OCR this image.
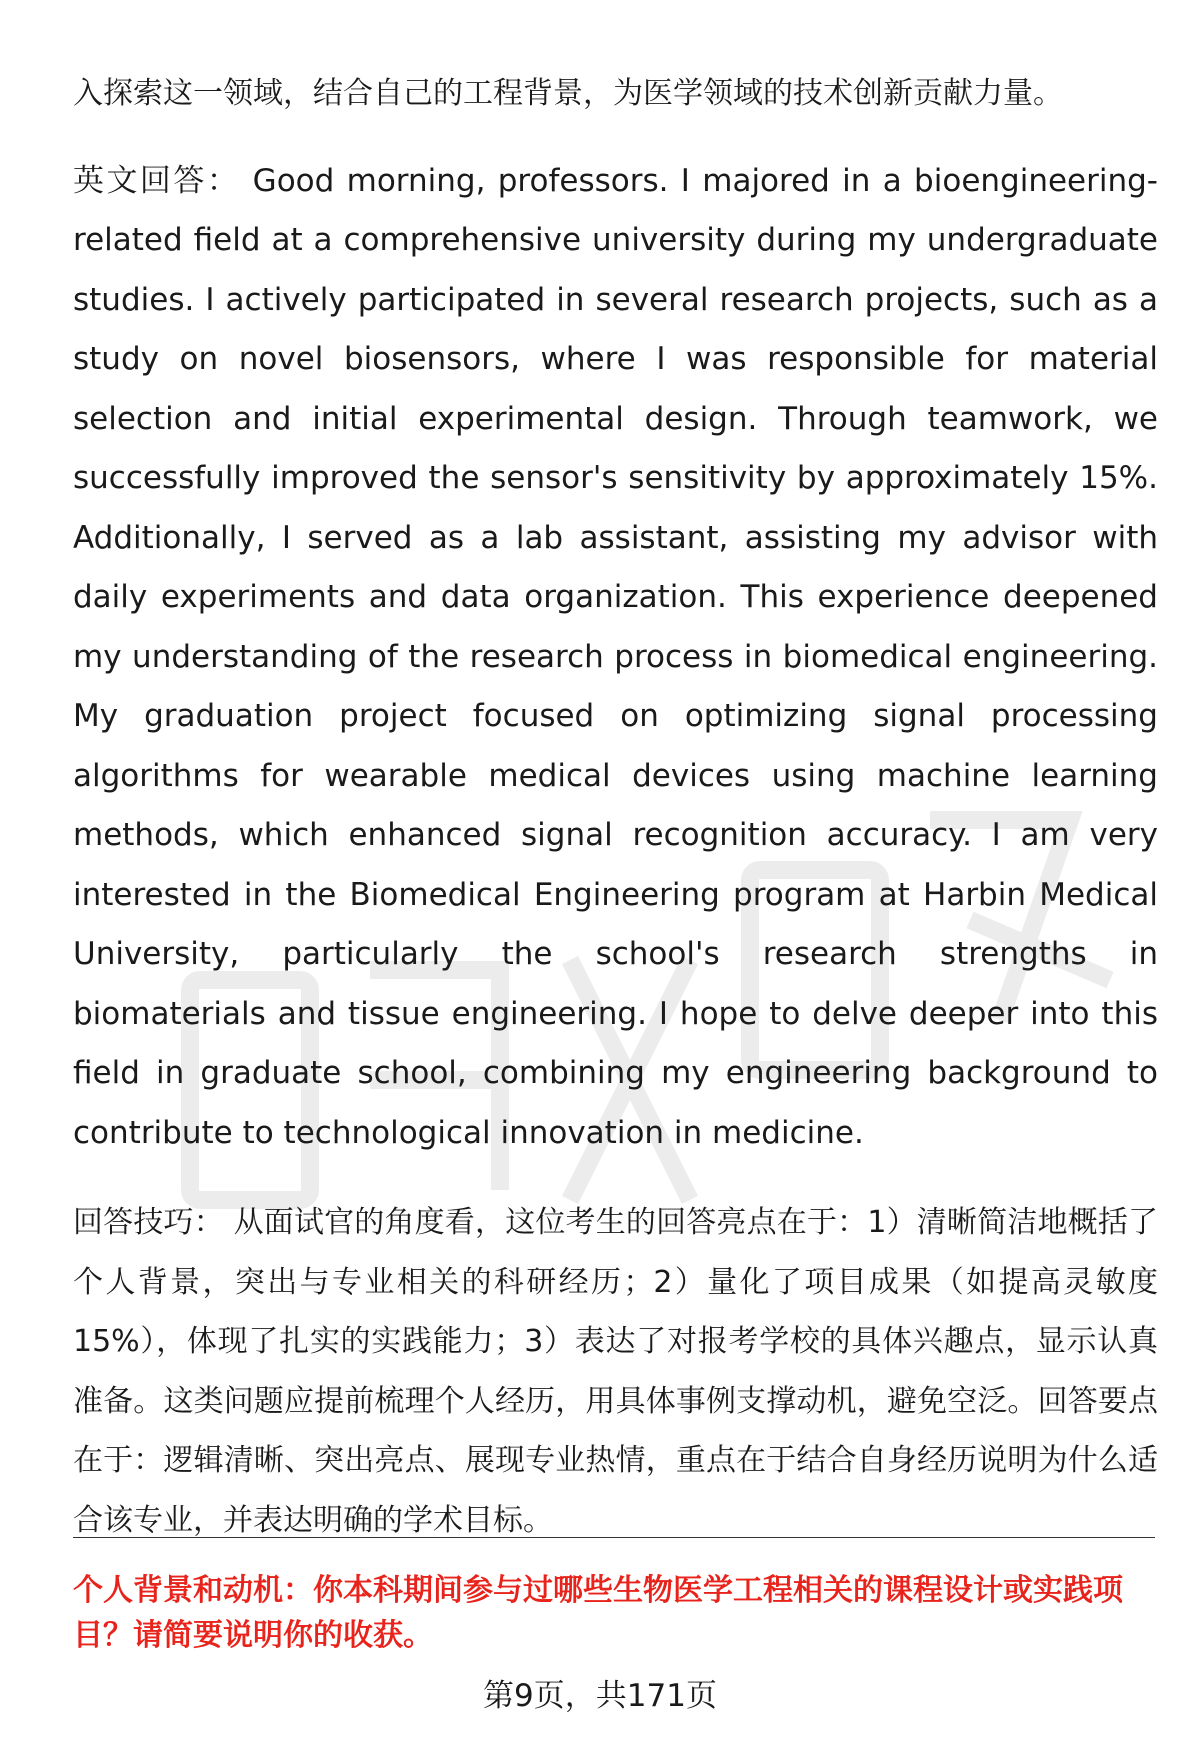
入探索这一领域，结合自己的工程背景，为医学领域的技术创新贡献力量。

英文回答： Good morning, professors. I majored in a bioengineering-related field at a comprehensive university during my undergraduate studies. I actively participated in several research projects, such as a study on novel biosensors, where I was responsible for material selection and initial experimental design. Through teamwork, we successfully improved the sensor's sensitivity by approximately 15%. Additionally, I served as a lab assistant, assisting my advisor with daily experiments and data organization. This experience deepened my understanding of the research process in biomedical engineering. My graduation project focused on optimizing signal processing algorithms for wearable medical devices using machine learning methods, which enhanced signal recognition accuracy. I am very interested in the Biomedical Engineering program at Harbin Medical University, particularly the school's research strengths in biomaterials and tissue engineering. I hope to delve deeper into this field in graduate school, combining my engineering background to contribute to technological innovation in medicine.

回答技巧： 从面试官的角度看，这位考生的回答亮点在于：1）清晰简洁地概括了个人背景，突出与专业相关的科研经历；2）量化了项目成果（如提高灵敏度15%），体现了扎实的实践能力；3）表达了对报考学校的具体兴趣点，显示认真准备。这类问题应提前梳理个人经历，用具体事例支撑动机，避免空泛。回答要点在于：逻辑清晰、突出亮点、展现专业热情，重点在于结合自身经历说明为什么适合该专业，并表达明确的学术目标。

个人背景和动机：你本科期间参与过哪些生物医学工程相关的课程设计或实践项目？请简要说明你的收获。

第9页，共171页
